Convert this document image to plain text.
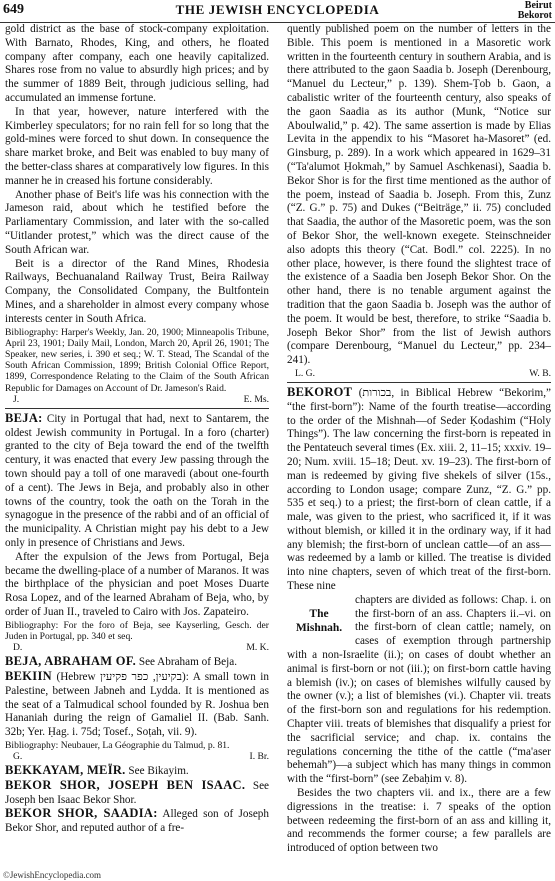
649	THE JEWISH ENCYCLOPEDIA	Beirut
Bekorot

gold district as the base of stock-company exploitation. With Barnato, Rhodes, King, and others, he floated company after company, each one heavily capitalized. Shares rose from no value to absurdly high prices; and by the summer of 1889 Beit, through judicious selling, had accumulated an immense fortune.

In that year, however, nature interfered with the Kimberley speculators; for no rain fell for so long that the gold-mines were forced to shut down. In consequence the share market broke, and Beit was enabled to buy many of the better-class shares at comparatively low figures. In this manner he in creased his fortune considerably.

Another phase of Beit's life was his connection with the Jameson raid, about which he testified before the Parliamentary Commission, and later with the so-called “Uitlander protest,” which was the direct cause of the South African war.

Beit is a director of the Rand Mines, Rhodesia Railways, Bechuanaland Railway Trust, Beira Railway Company, the Consolidated Company, the Bultfontein Mines, and a shareholder in almost every company whose interests center in South Africa.

Bibliography: Harper's Weekly, Jan. 20, 1900; Minneapolis Tribune, April 23, 1901; Daily Mail, London, March 20, April 26, 1901; The Speaker, new series, i. 390 et seq.; W. T. Stead, The Scandal of the South African Commission, 1899; British Colonial Office Report, 1899, Correspondence Relating to the Claim of the South African Republic for Damages on Account of Dr. Jameson's Raid.

J.	E. Ms.

BEJA: City in Portugal that had, next to Santarem, the oldest Jewish community in Portugal. In a foro (charter) granted to the city of Beja toward the end of the twelfth century, it was enacted that every Jew passing through the town should pay a toll of one maravedi (about one-fourth of a cent). The Jews in Beja, and probably also in other towns of the country, took the oath on the Torah in the synagogue in the presence of the rabbi and of an official of the municipality. A Christian might pay his debt to a Jew only in presence of Christians and Jews.

After the expulsion of the Jews from Portugal, Beja became the dwelling-place of a number of Maranos. It was the birthplace of the physician and poet Moses Duarte Rosa Lopez, and of the learned Abraham of Beja, who, by order of Juan II., traveled to Cairo with Jos. Zapateiro.

Bibliography: For the foro of Beja, see Kayserling, Gesch. der Juden in Portugal, pp. 340 et seq.

D.	M. K.

BEJA, ABRAHAM OF. See Abraham of Beja.

BEKIIN (Hebrew בקיעין, כפר פקיעין): A small town in Palestine, between Jabneh and Lydda. It is mentioned as the seat of a Talmudical school founded by R. Joshua ben Hananiah during the reign of Gamaliel II. (Bab. Sanh. 32b; Yer. Ḥag. i. 75d; Tosef., Soṭah, vii. 9).

Bibliography: Neubauer, La Géographie du Talmud, p. 81.

G.	I. Br.

BEKKAYAM, MEÏR. See Bikayim.

BEKOR SHOR, JOSEPH BEN ISAAC. See Joseph ben Isaac Bekor Shor.

BEKOR SHOR, SAADIA: Alleged son of Joseph Bekor Shor, and reputed author of a fre-

quently published poem on the number of letters in the Bible. This poem is mentioned in a Masoretic work written in the fourteenth century in southern Arabia, and is there attributed to the gaon Saadia b. Joseph (Derenbourg, “Manuel du Lecteur,” p. 139). Shem-Ṭob b. Gaon, a cabalistic writer of the fourteenth century, also speaks of the gaon Saadia as its author (Munk, “Notice sur Aboulwalid,” p. 42). The same assertion is made by Elias Levita in the appendix to his “Masoret ha-Masoret” (ed. Ginsburg, p. 289). In a work which appeared in 1629–31 (“Ta'alumot Ḥokmah,” by Samuel Aschkenasi), Saadia b. Bekor Shor is for the first time mentioned as the author of the poem, instead of Saadia b. Joseph. From this, Zunz (“Z. G.” p. 75) and Dukes (“Beiträge,” ii. 75) concluded that Saadia, the author of the Masoretic poem, was the son of Bekor Shor, the well-known exegete. Steinschneider also adopts this theory (“Cat. Bodl.” col. 2225). In no other place, however, is there found the slightest trace of the existence of a Saadia ben Joseph Bekor Shor. On the other hand, there is no tenable argument against the tradition that the gaon Saadia b. Joseph was the author of the poem. It would be best, therefore, to strike “Saadia b. Joseph Bekor Shor” from the list of Jewish authors (compare Derenbourg, “Manuel du Lecteur,” pp. 234–241).

L. G.	W. B.

BEKOROT (בכורות, in Biblical Hebrew “Bekorim,” “the first-born”): Name of the fourth treatise—according to the order of the Mishnah—of Seder Ḳodashim (“Holy Things”). The law concerning the first-born is repeated in the Pentateuch several times (Ex. xiii. 2, 11–15; xxxiv. 19–20; Num. xviii. 15–18; Deut. xv. 19–23). The first-born of man is redeemed by giving five shekels of silver (15s., according to London usage; compare Zunz, “Z. G.” pp. 535 et seq.) to a priest; the first-born of clean cattle, if a male, was given to the priest, who sacrificed it, if it was without blemish, or killed it in the ordinary way, if it had any blemish; the first-born of unclean cattle—of an ass—was redeemed by a lamb or killed. The treatise is divided into nine chapters, seven of which treat of the first-born. These nine

The Mishnah.

chapters are divided as follows: Chap. i. on the first-born of an ass. Chapters ii.–vi. on the first-born of clean cattle; namely, on cases of exemption through partnership with a non-Israelite (ii.); on cases of doubt whether an animal is first-born or not (iii.); on first-born cattle having a blemish (iv.); on cases of blemishes wilfully caused by the owner (v.); a list of blemishes (vi.). Chapter vii. treats of the first-born son and regulations for his redemption. Chapter viii. treats of blemishes that disqualify a priest for the sacrificial service; and chap. ix. contains the regulations concerning the tithe of the cattle (“ma'aser behemah”)—a subject which has many things in common with the “first-born” (see Zebaḥim v. 8).

Besides the two chapters vii. and ix., there are a few digressions in the treatise: i. 7 speaks of the option between redeeming the first-born of an ass and killing it, and recommends the former course; a few parallels are introduced of option between two

©JewishEncyclopedia.com
